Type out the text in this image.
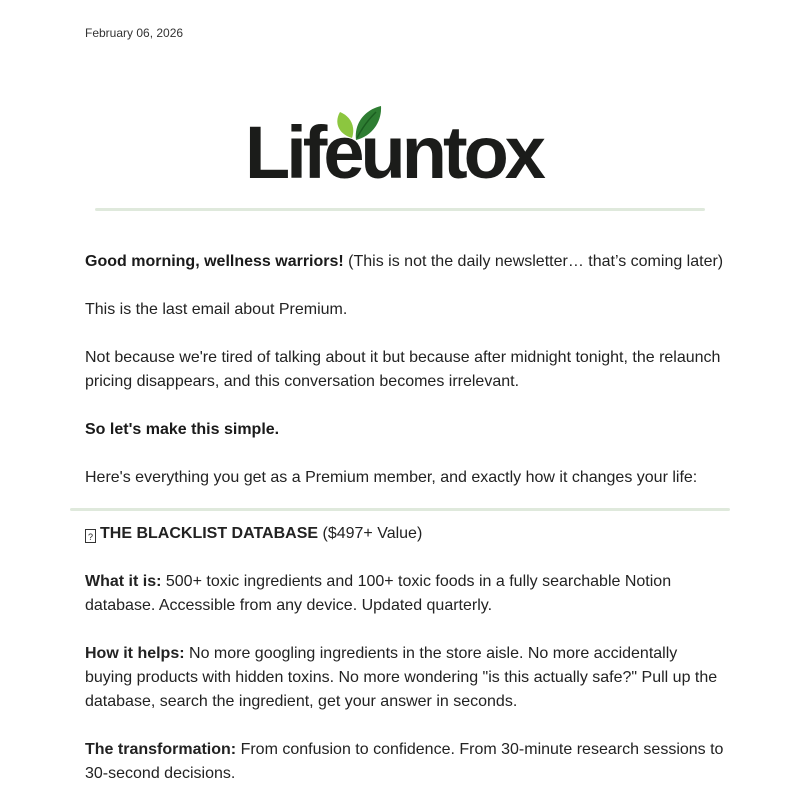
February 06, 2026
Lifeuntox

Good morning, wellness warriors! (This is not the daily newsletter… that’s coming later)

This is the last email about Premium.

Not because we're tired of talking about it but because after midnight tonight, the relaunch pricing disappears, and this conversation becomes irrelevant.

So let's make this simple.

Here's everything you get as a Premium member, and exactly how it changes your life:

? THE BLACKLIST DATABASE ($497+ Value)

What it is: 500+ toxic ingredients and 100+ toxic foods in a fully searchable Notion database. Accessible from any device. Updated quarterly.

How it helps: No more googling ingredients in the store aisle. No more accidentally buying products with hidden toxins. No more wondering "is this actually safe?" Pull up the database, search the ingredient, get your answer in seconds.

The transformation: From confusion to confidence. From 30-minute research sessions to 30-second decisions.
